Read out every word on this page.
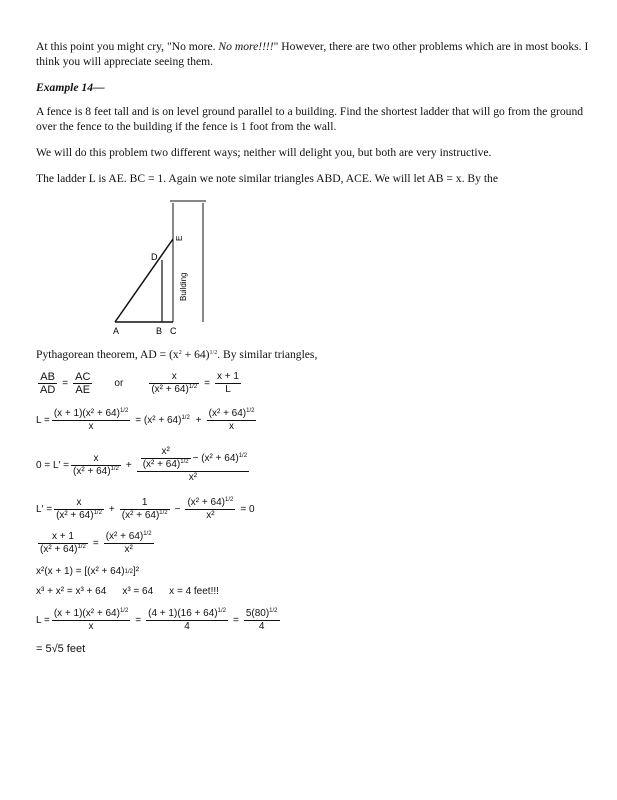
At this point you might cry, "No more. No more!!!!" However, there are two other problems which are in most books. I think you will appreciate seeing them.

Example 14—

A fence is 8 feet tall and is on level ground parallel to a building. Find the shortest ladder that will go from the ground over the fence to the building if the fence is 1 foot from the wall.

We will do this problem two different ways; neither will delight you, but both are very instructive.

The ladder L is AE. BC = 1. Again we note similar triangles ABD, ACE. We will let AB = x. By the

A	B C
D
E
Building

Pythagorean theorem, AD = $(x^2 + 64)^{1/2}$. By similar triangles,

$\frac{AB}{AD} = \frac{AC}{AE}$ or	$\frac{x}{(x^2 + 64)^{1/2}} = \frac{x + 1}{L}$
$L = \frac{(x + 1)(x^2 + 64)^{1/2}}{x} = (x^2 + 64)^{1/2} + \frac{(x^2 + 64)^{1/2}}{x}$
$0 = L' = \frac{x}{(x^2 + 64)^{1/2}} + \frac{\frac{\text{x²}}{(x^2 + 64)^{1/2}} - (x^2 + 64)^{1/2}}{\text{x²}}$
$L' = \frac{x}{(x^2 + 64)^{1/2}} + \frac{1}{(x^2 + 64)^{1/2}} - \frac{(x^2 + 64)^{1/2}}{\text{x²}} = 0$
$\frac{x + 1}{(x^2 + 64)^{1/2}} = \frac{(x^2 + 64)^{1/2}}{\text{x²}}$
x²(x + 1) = [(x² + 64) 1/2 ]²
x³ + x² = x³ + 64 x³ = 64 x = 4 feet!!!
$L = \frac{(x + 1)(x^2 + 64)^{1/2}}{x} = \frac{(4 + 1)(16 + 64)^{1/2}}{4} = \frac{5(80)^{1/2}}{4}$
= 5√5 feet
